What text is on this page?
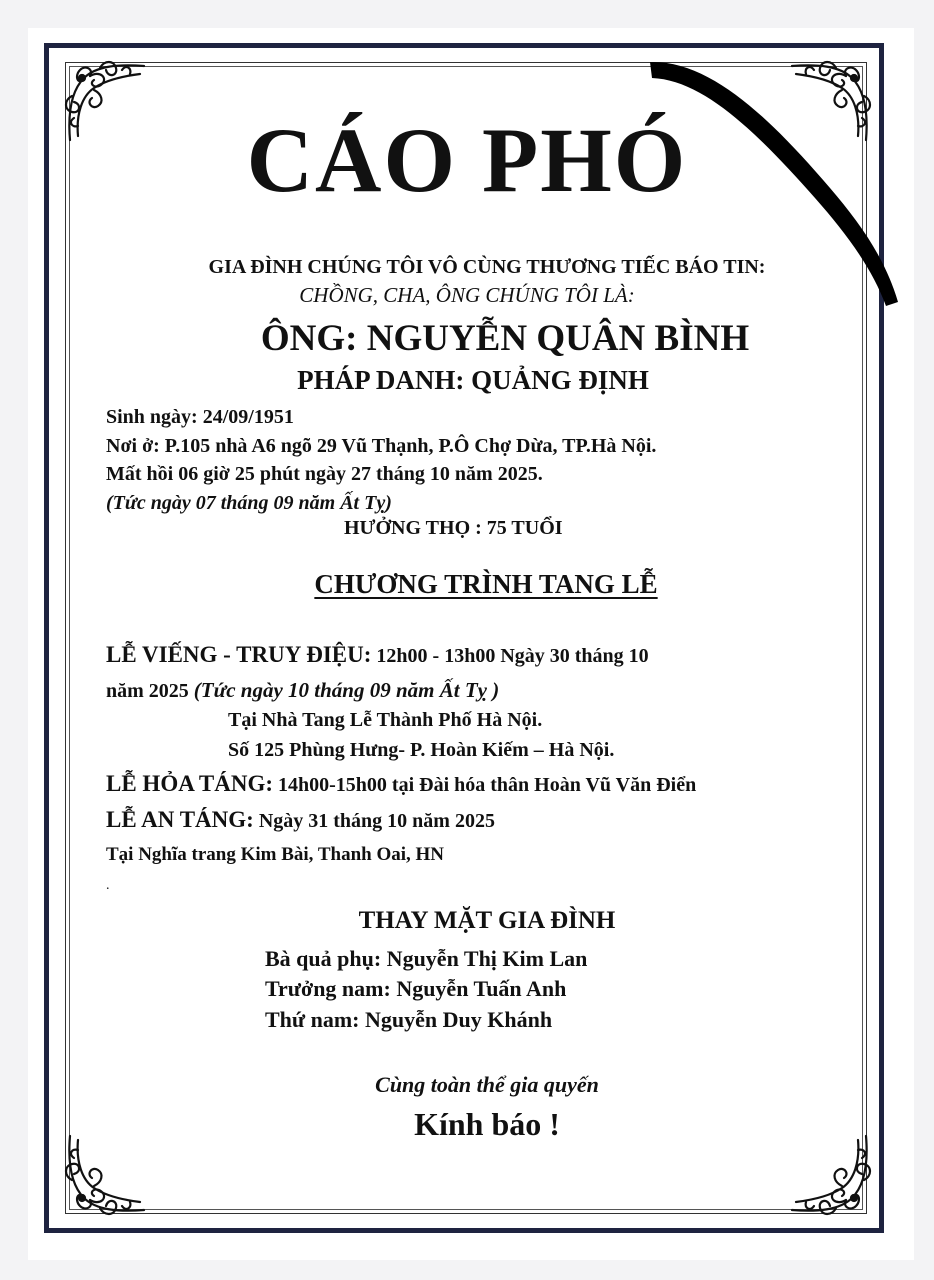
CÁO PHÓ
GIA ĐÌNH CHÚNG TÔI VÔ CÙNG THƯƠNG TIẾC BÁO TIN:
CHỒNG, CHA, ÔNG CHÚNG TÔI LÀ:
ÔNG: NGUYỄN QUÂN BÌNH
PHÁP DANH: QUẢNG ĐỊNH
Sinh ngày: 24/09/1951
Nơi ở: P.105 nhà A6 ngõ 29 Vũ Thạnh, P.Ô Chợ Dừa, TP.Hà Nội.
Mất hồi 06 giờ 25 phút ngày 27 tháng 10 năm 2025.
(Tức ngày 07 tháng 09 năm Ất Tỵ)
HƯỞNG THỌ : 75 TUỔI
CHƯƠNG TRÌNH TANG LỄ
LỄ VIẾNG - TRUY ĐIỆU: 12h00 - 13h00 Ngày 30 tháng 10
năm 2025 (Tức ngày 10 tháng 09 năm Ất Tỵ )
Tại Nhà Tang Lễ Thành Phố Hà Nội.
Số 125 Phùng Hưng- P. Hoàn Kiếm – Hà Nội.
LỄ HỎA TÁNG: 14h00-15h00 tại Đài hóa thân Hoàn Vũ Văn Điển
LỄ AN TÁNG: Ngày 31 tháng 10 năm 2025
Tại Nghĩa trang Kim Bài, Thanh Oai, HN
.
THAY MẶT GIA ĐÌNH
Bà quả phụ: Nguyễn Thị Kim Lan
Trưởng nam: Nguyễn Tuấn Anh
Thứ nam: Nguyễn Duy Khánh
Cùng toàn thể gia quyến
Kính báo !
